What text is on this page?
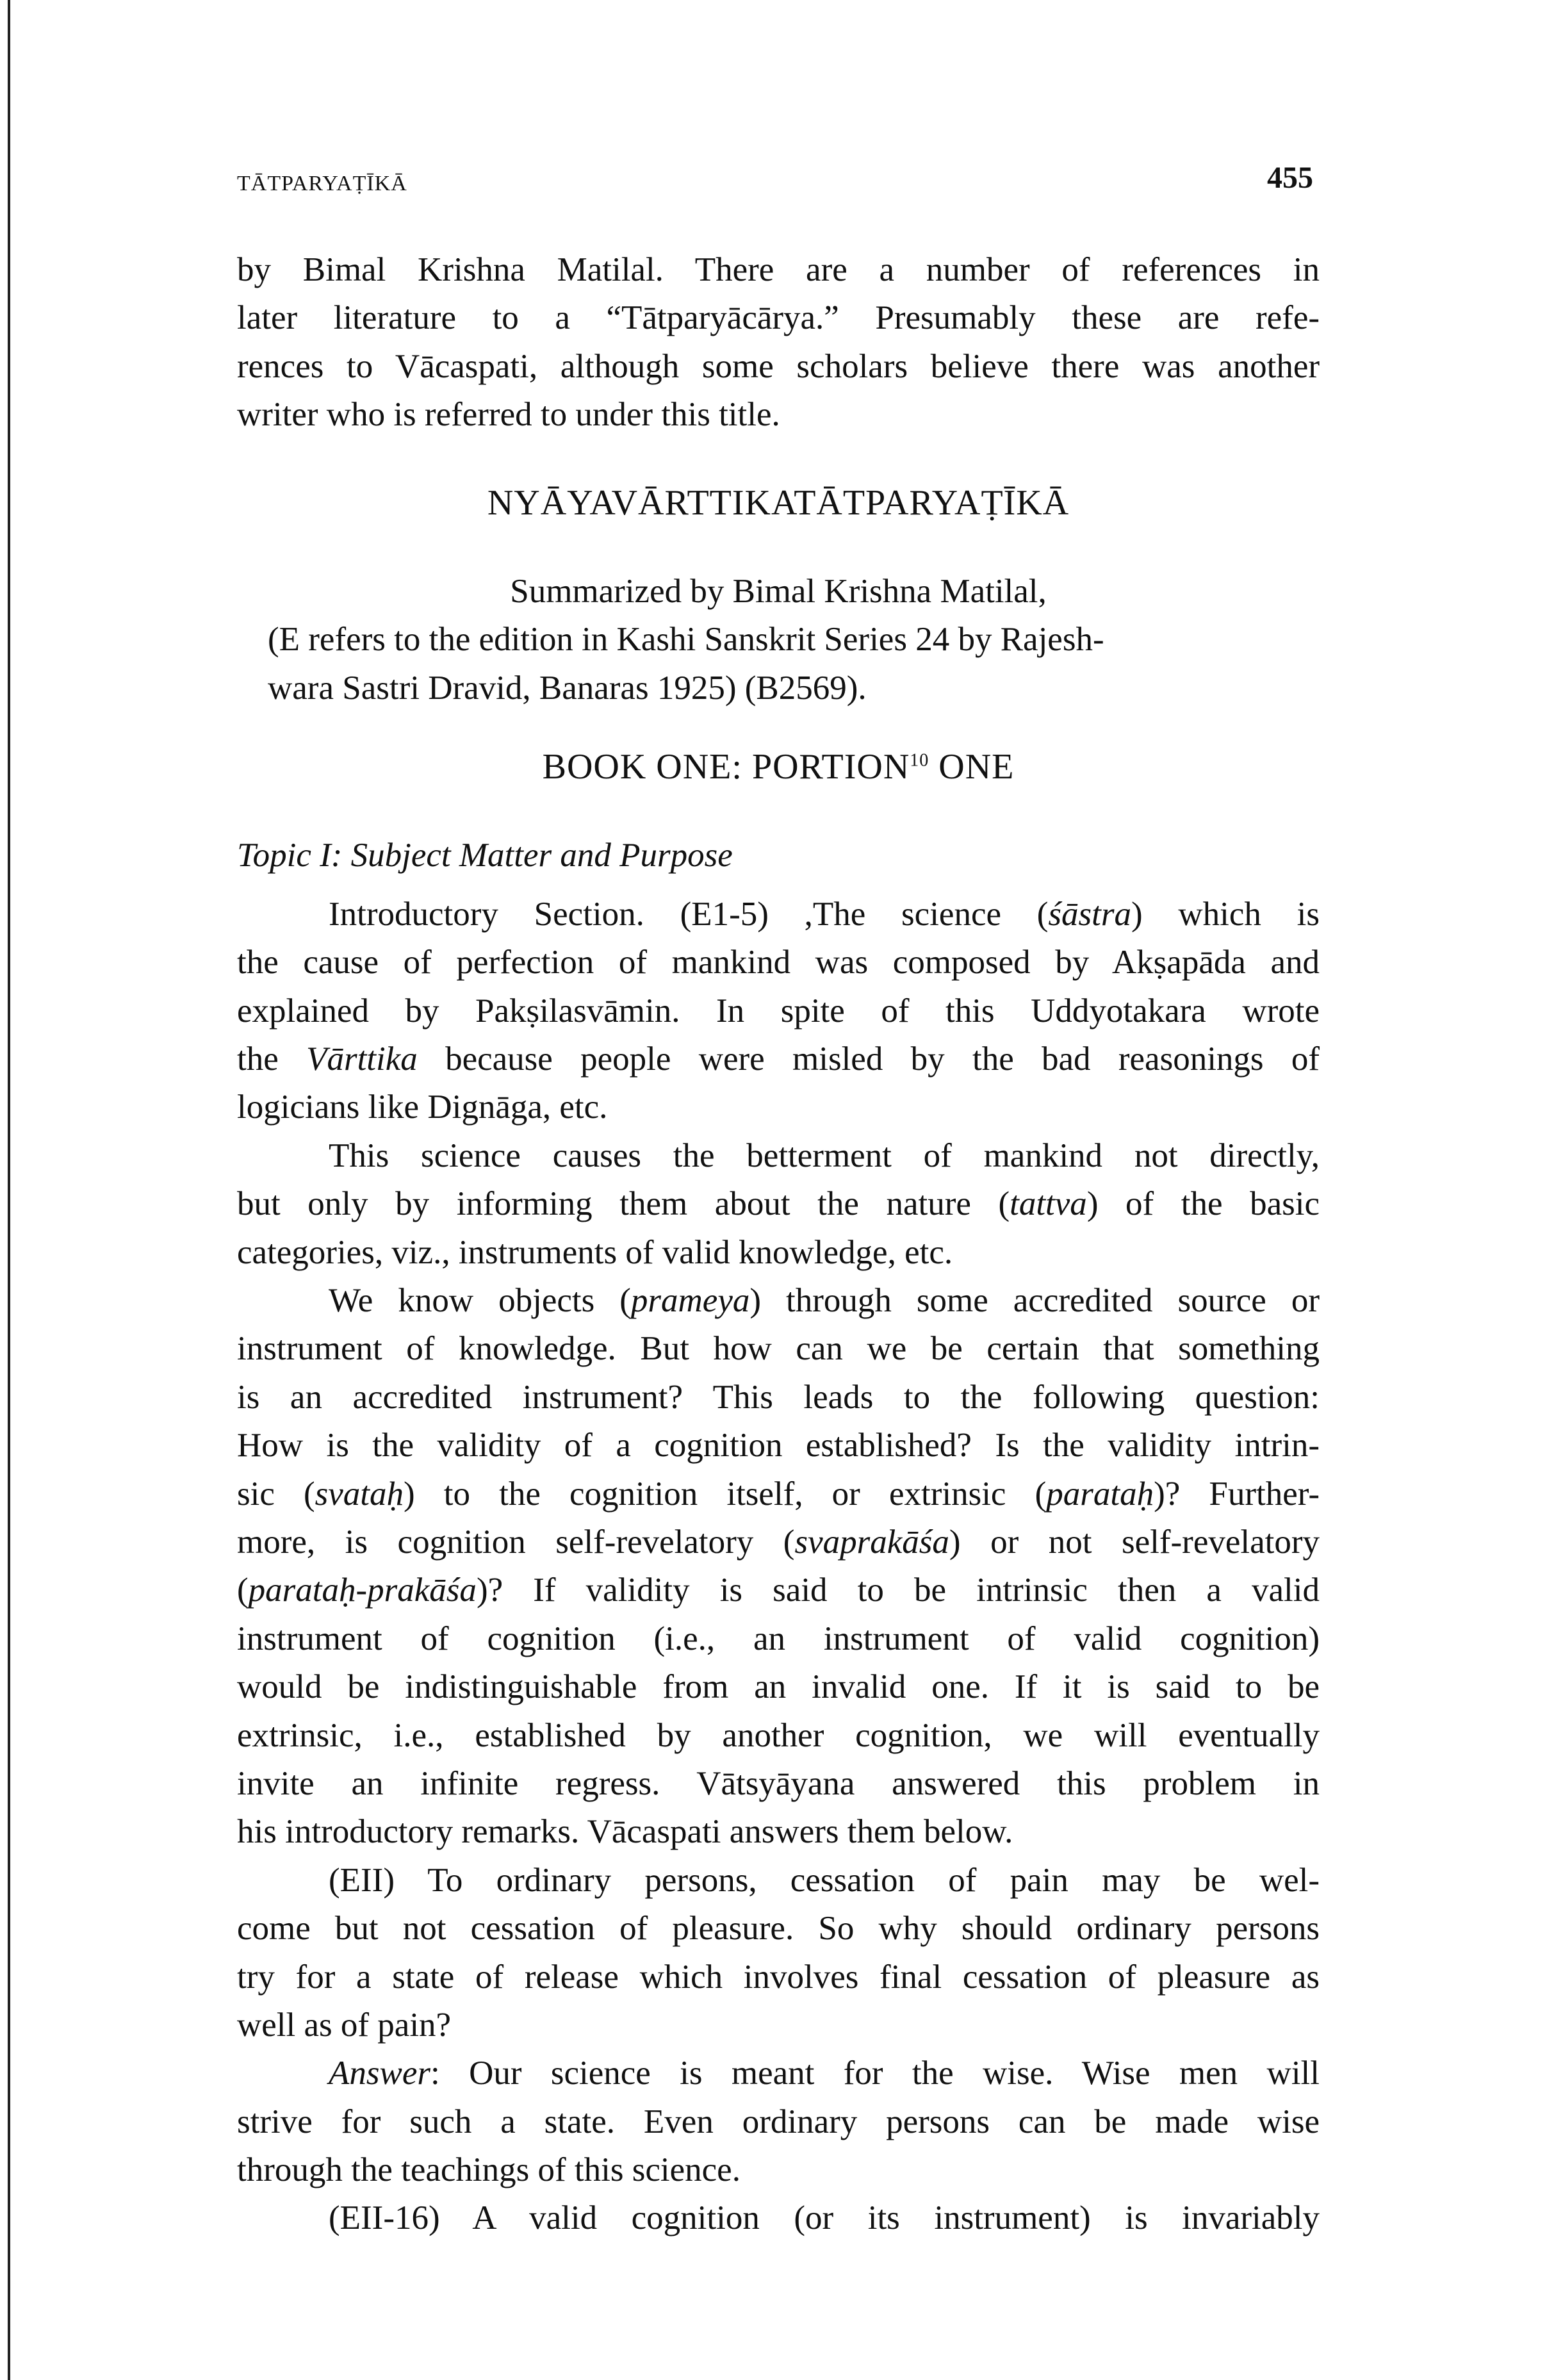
TĀTPARYAṬĪKĀ	455
by Bimal Krishna Matilal. There are a number of references in
later literature to a “Tātparyācārya.” Presumably these are refe-
rences to Vācaspati, although some scholars believe there was another
writer who is referred to under this title.
NYĀYAVĀRTTIKATĀTPARYAṬĪKĀ
Summarized by Bimal Krishna Matilal,
(E refers to the edition in Kashi Sanskrit Series 24 by Rajesh-
wara Sastri Dravid, Banaras 1925) (B2569).
BOOK ONE: PORTION$^{10}$ ONE
Topic I: Subject Matter and Purpose
Introductory Section. (E1-5) ,The science (śāstra) which is
the cause of perfection of mankind was composed by Akṣapāda and
explained by Pakṣilasvāmin. In spite of this Uddyotakara wrote
the Vārttika because people were misled by the bad reasonings of
logicians like Dignāga, etc.
This science causes the betterment of mankind not directly,
but only by informing them about the nature (tattva) of the basic
categories, viz., instruments of valid knowledge, etc.
We know objects (prameya) through some accredited source or
instrument of knowledge. But how can we be certain that something
is an accredited instrument? This leads to the following question:
How is the validity of a cognition established? Is the validity intrin-
sic (svataḥ) to the cognition itself, or extrinsic (parataḥ)? Further-
more, is cognition self-revelatory (svaprakāśa) or not self-revelatory
(parataḥ-prakāśa)? If validity is said to be intrinsic then a valid
instrument of cognition (i.e., an instrument of valid cognition)
would be indistinguishable from an invalid one. If it is said to be
extrinsic, i.e., established by another cognition, we will eventually
invite an infinite regress. Vātsyāyana answered this problem in
his introductory remarks. Vācaspati answers them below.
(EII) To ordinary persons, cessation of pain may be wel-
come but not cessation of pleasure. So why should ordinary persons
try for a state of release which involves final cessation of pleasure as
well as of pain?
Answer: Our science is meant for the wise. Wise men will
strive for such a state. Even ordinary persons can be made wise
through the teachings of this science.
(EII-16) A valid cognition (or its instrument) is invariably
